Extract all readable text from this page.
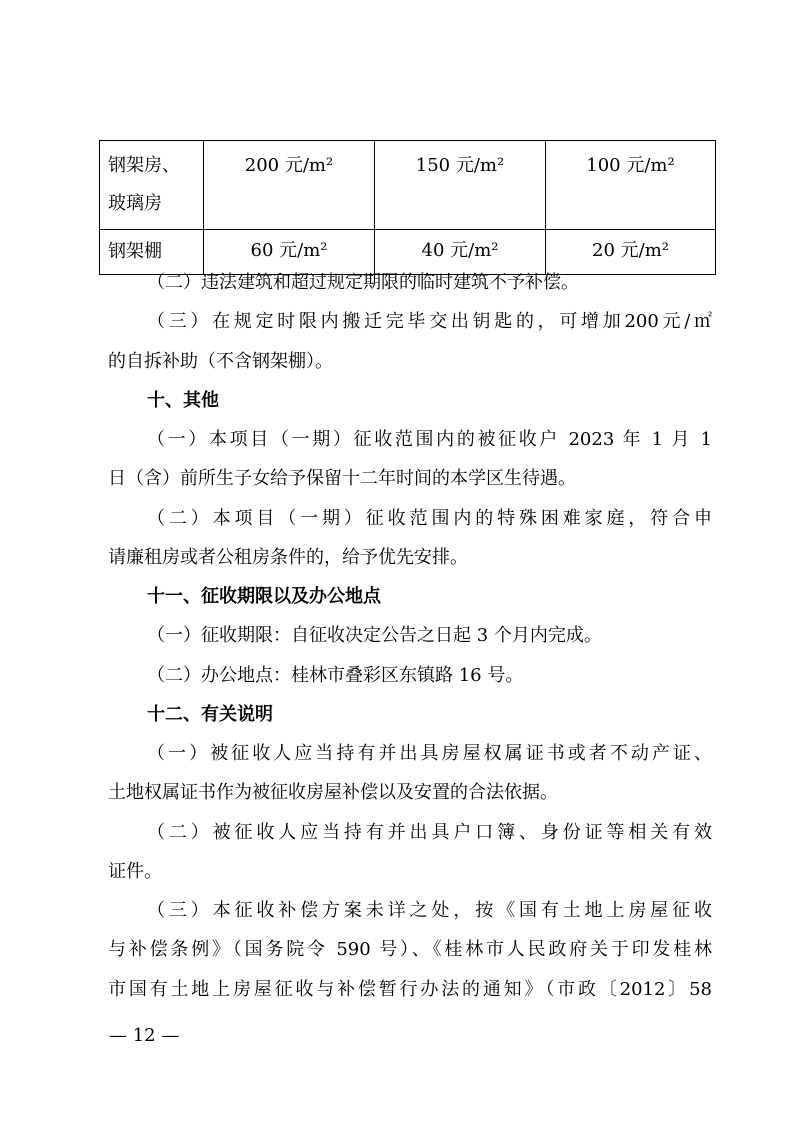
钢架房、
玻璃房	200 元/m²	150 元/m²	100 元/m²
钢架棚	60 元/m²	40 元/m²	20 元/m²
（二）违法建筑和超过规定期限的临时建筑不予补偿。
（三）在规定时限内搬迁完毕交出钥匙的，可增加200元/㎡
的自拆补助（不含钢架棚）。
十、其他
（一）本项目（一期）征收范围内的被征收户 2023 年 1 月 1
日（含）前所生子女给予保留十二年时间的本学区生待遇。
（二）本项目（一期）征收范围内的特殊困难家庭，符合申
请廉租房或者公租房条件的，给予优先安排。
十一、征收期限以及办公地点
（一）征收期限：自征收决定公告之日起 3 个月内完成。
（二）办公地点：桂林市叠彩区东镇路 16 号。
十二、有关说明
（一）被征收人应当持有并出具房屋权属证书或者不动产证、
土地权属证书作为被征收房屋补偿以及安置的合法依据。
（二）被征收人应当持有并出具户口簿、身份证等相关有效
证件。
（三）本征收补偿方案未详之处，按《国有土地上房屋征收
与补偿条例》（国务院令 590 号）、《桂林市人民政府关于印发桂林
市国有土地上房屋征收与补偿暂行办法的通知》（市政〔2012〕58
— 12 —
